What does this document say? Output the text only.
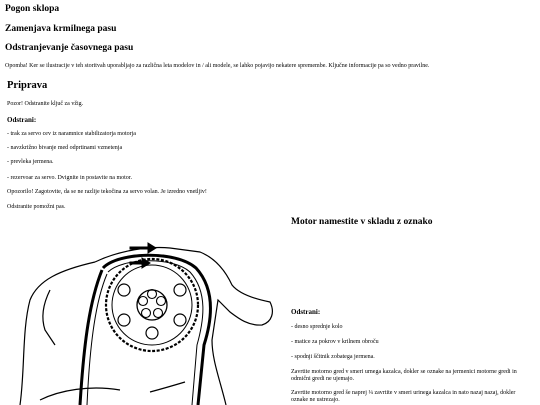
Pogon sklopa
Zamenjava krmilnega pasu
Odstranjevanje časovnega pasu
Opomba! Ker se ilustracije v teh storitvah uporabljajo za različna leta modelov in / ali modele, se lahko pojavijo nekatere spremembe. Ključne informacije pa so vedno pravilne.
Priprava
Pozor! Odstranite ključ za vžig.
Odstrani:
- trak za servo cev iz naramnice stabilizatorja motorja
- navzkrižno bivanje med odprtinami vzmetenja
- prevleka jermena.
- rezervoar za servo. Dvignite in postavite na motor.
Opozorilo! Zagotovite, da se ne razlije tekočina za servo volan. Je izredno vnetljiv!
Odstranite pomožni pas.
Motor namestite v skladu z oznako
Odstrani:
- desno sprednje kolo
- matice za pokrov v krilnem obroču
- spodnji ščitnik zobatega jermena.
Zavrtite motorno gred v smeri urnega kazalca, dokler se oznake na jermenici motorne gredi in odmični gredi ne ujemajo.
Zavrtite motorno gred še naprej ¼ zavrtite v smeri urinega kazalca in nato nazaj nazaj, dokler oznake ne ustrezajo.
